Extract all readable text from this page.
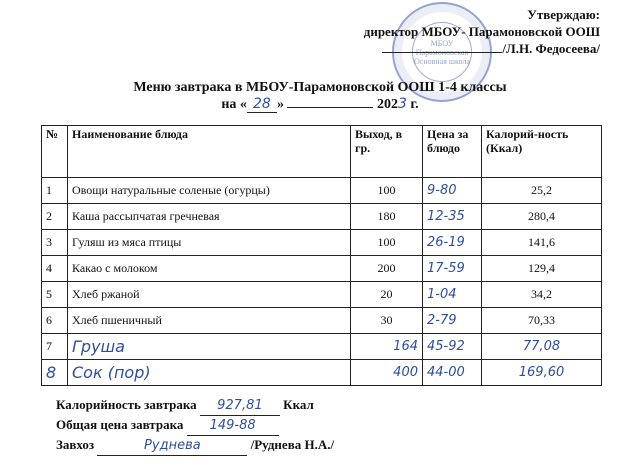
МБОУ
Парамоновская
Основная школа
Утверждаю:
директор МБОУ- Парамоновской ООШ
/Л.Н. Федосеева/
Меню завтрака в МБОУ-Парамоновской ООШ 1-4 классы
на « 28 »	2023 г.
№	Наименование блюда	Выход, в гр.	Цена за блюдо	Калорий-ность (Ккал)
1	Овощи натуральные соленые (огурцы)	100	9-80	25,2
2	Каша рассыпчатая гречневая	180	12-35	280,4
3	Гуляш из мяса птицы	100	26-19	141,6
4	Какао с молоком	200	17-59	129,4
5	Хлеб ржаной	20	1-04	34,2
6	Хлеб пшеничный	30	2-79	70,33
7	Груша	164	45-92	77,08
8	Сок (пор)	400	44-00	169,60
Калорийность завтрака 927,81 Ккал
Общая цена завтрака 149-88
Завхоз	Руднева	/Руднева Н.А./
